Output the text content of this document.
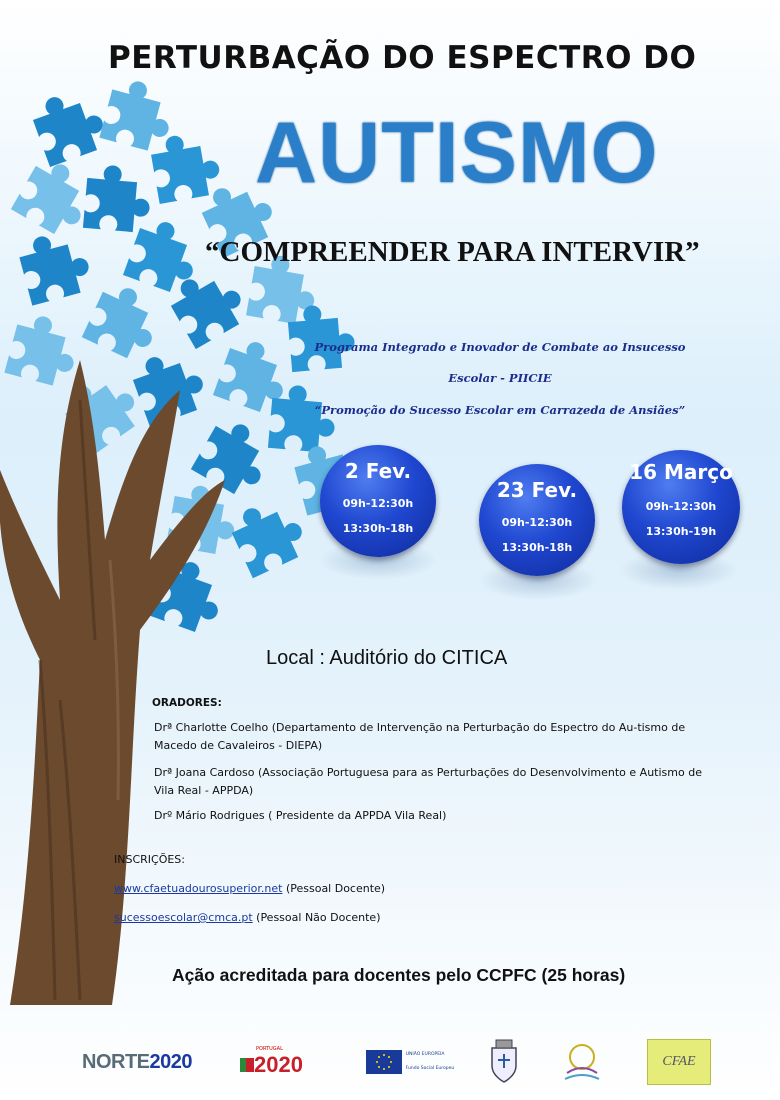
PERTURBAÇÃO DO ESPECTRO DO
AUTISMO
“COMPREENDER PARA INTERVIR”
Programa Integrado e Inovador de Combate ao Insucesso
Escolar - PIICIE
“Promoção do Sucesso Escolar em Carrazeda de Ansiães”
2 Fev.
09h-12:30h
13:30h-18h
23 Fev.
09h-12:30h
13:30h-18h
16 Março
09h-12:30h
13:30h-19h
Local : Auditório do CITICA
ORADORES:
Drª Charlotte Coelho (Departamento de Intervenção na Perturbação do Espectro do Au-tismo de Macedo de Cavaleiros - DIEPA)
Drª Joana Cardoso (Associação Portuguesa para as Perturbações do Desenvolvimento e Autismo de Vila Real - APPDA)
Drº Mário Rodrigues ( Presidente da APPDA Vila Real)
INSCRIÇÕES:
www.cfaetuadourosuperior.net (Pessoal Docente)
sucessoescolar@cmca.pt (Pessoal Não Docente)
Ação acreditada para docentes pelo CCPFC (25 horas)
NORTE 2020
PORTUGAL
2020	UNIÃO EUROPEIA
Fundo Social Europeu	CFAE
